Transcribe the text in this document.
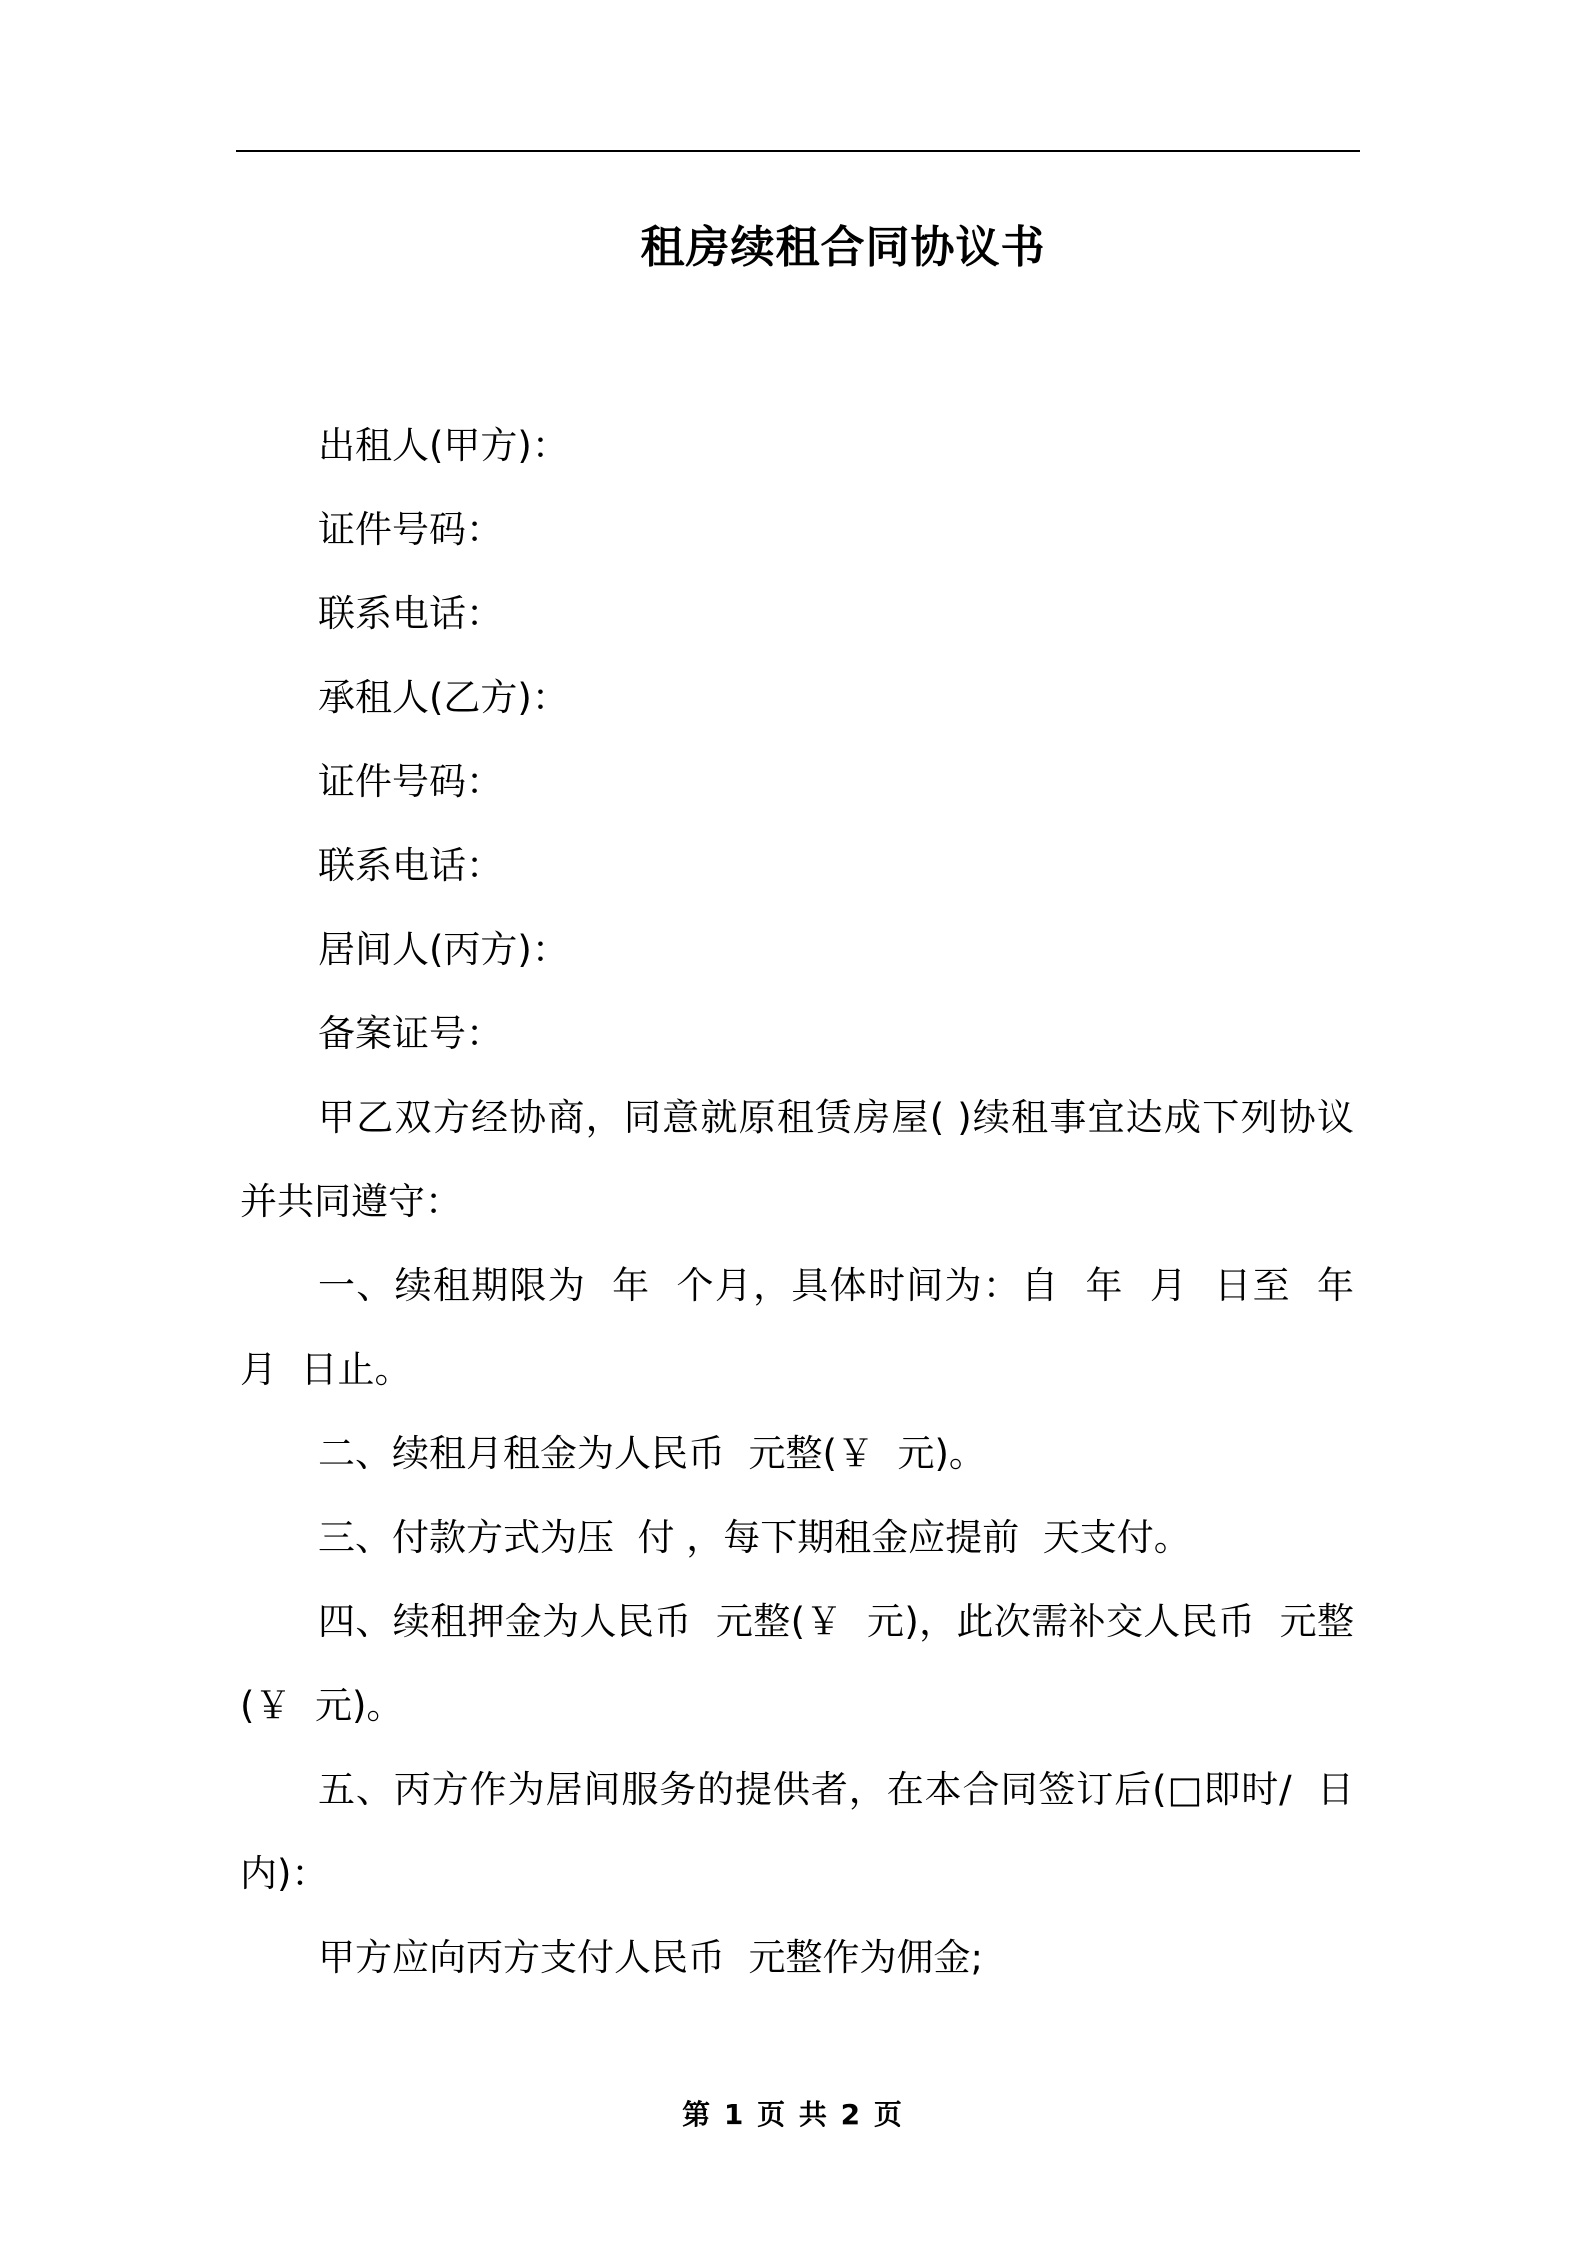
租房续租合同协议书

出租人(甲方)：

证件号码：

联系电话：

承租人(乙方)：

证件号码：

联系电话：

居间人(丙方)：

备案证号：

甲乙双方经协商，同意就原租赁房屋( )续租事宜达成下列协议并共同遵守：

一、续租期限为  年  个月，具体时间为：自  年  月  日至  年  月  日止。

二、续租月租金为人民币  元整(￥  元)。

三、付款方式为压  付 ，每下期租金应提前  天支付。

四、续租押金为人民币  元整(￥  元)，此次需补交人民币  元整(￥  元)。

五、丙方作为居间服务的提供者，在本合同签订后(□即时/  日内)：

甲方应向丙方支付人民币  元整作为佣金;

第 1 页 共 2 页
